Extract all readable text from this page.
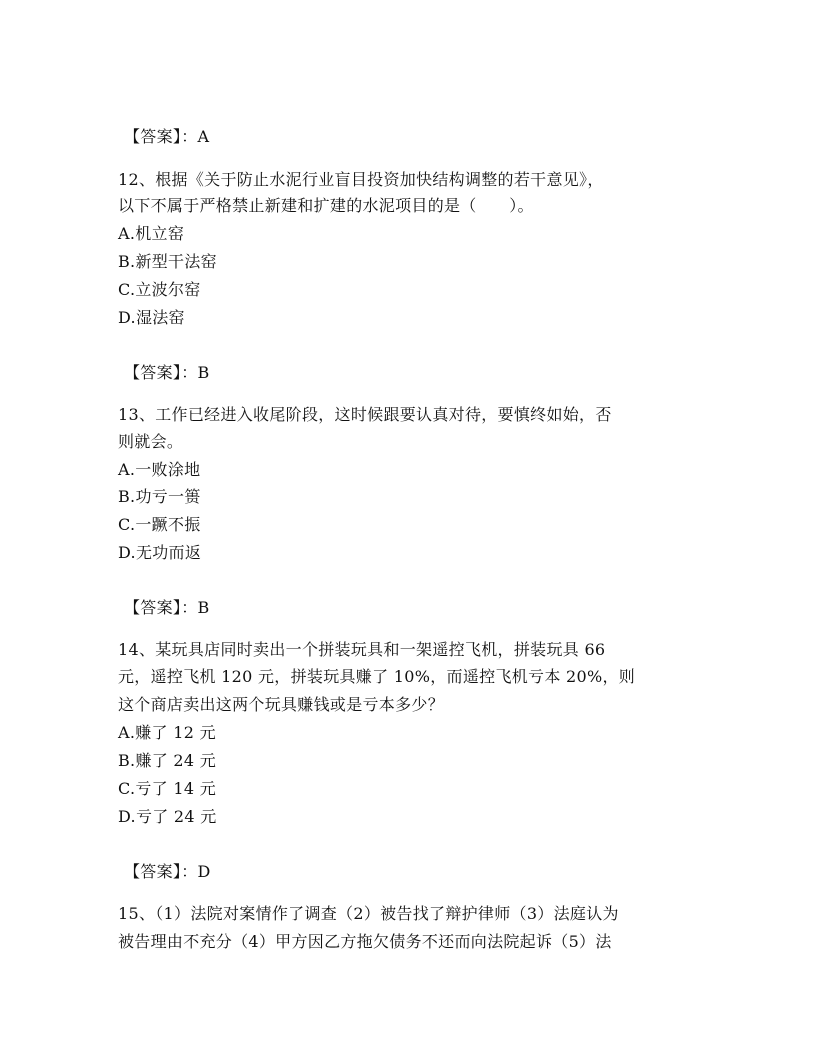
【答案】：A
12、根据《关于防止水泥行业盲目投资加快结构调整的若干意见》，
以下不属于严格禁止新建和扩建的水泥项目的是（　　）。
A.机立窑
B.新型干法窑
C.立波尔窑
D.湿法窑
【答案】：B
13、工作已经进入收尾阶段，这时候跟要认真对待，要慎终如始，否
则就会。
A.一败涂地
B.功亏一篑
C.一蹶不振
D.无功而返
【答案】：B
14、某玩具店同时卖出一个拼装玩具和一架遥控飞机，拼装玩具 66
元，遥控飞机 120 元，拼装玩具赚了 10%，而遥控飞机亏本 20%，则
这个商店卖出这两个玩具赚钱或是亏本多少？
A.赚了 12 元
B.赚了 24 元
C.亏了 14 元
D.亏了 24 元
【答案】：D
15、（1）法院对案情作了调查（2）被告找了辩护律师（3）法庭认为
被告理由不充分（4）甲方因乙方拖欠债务不还而向法院起诉（5）法
